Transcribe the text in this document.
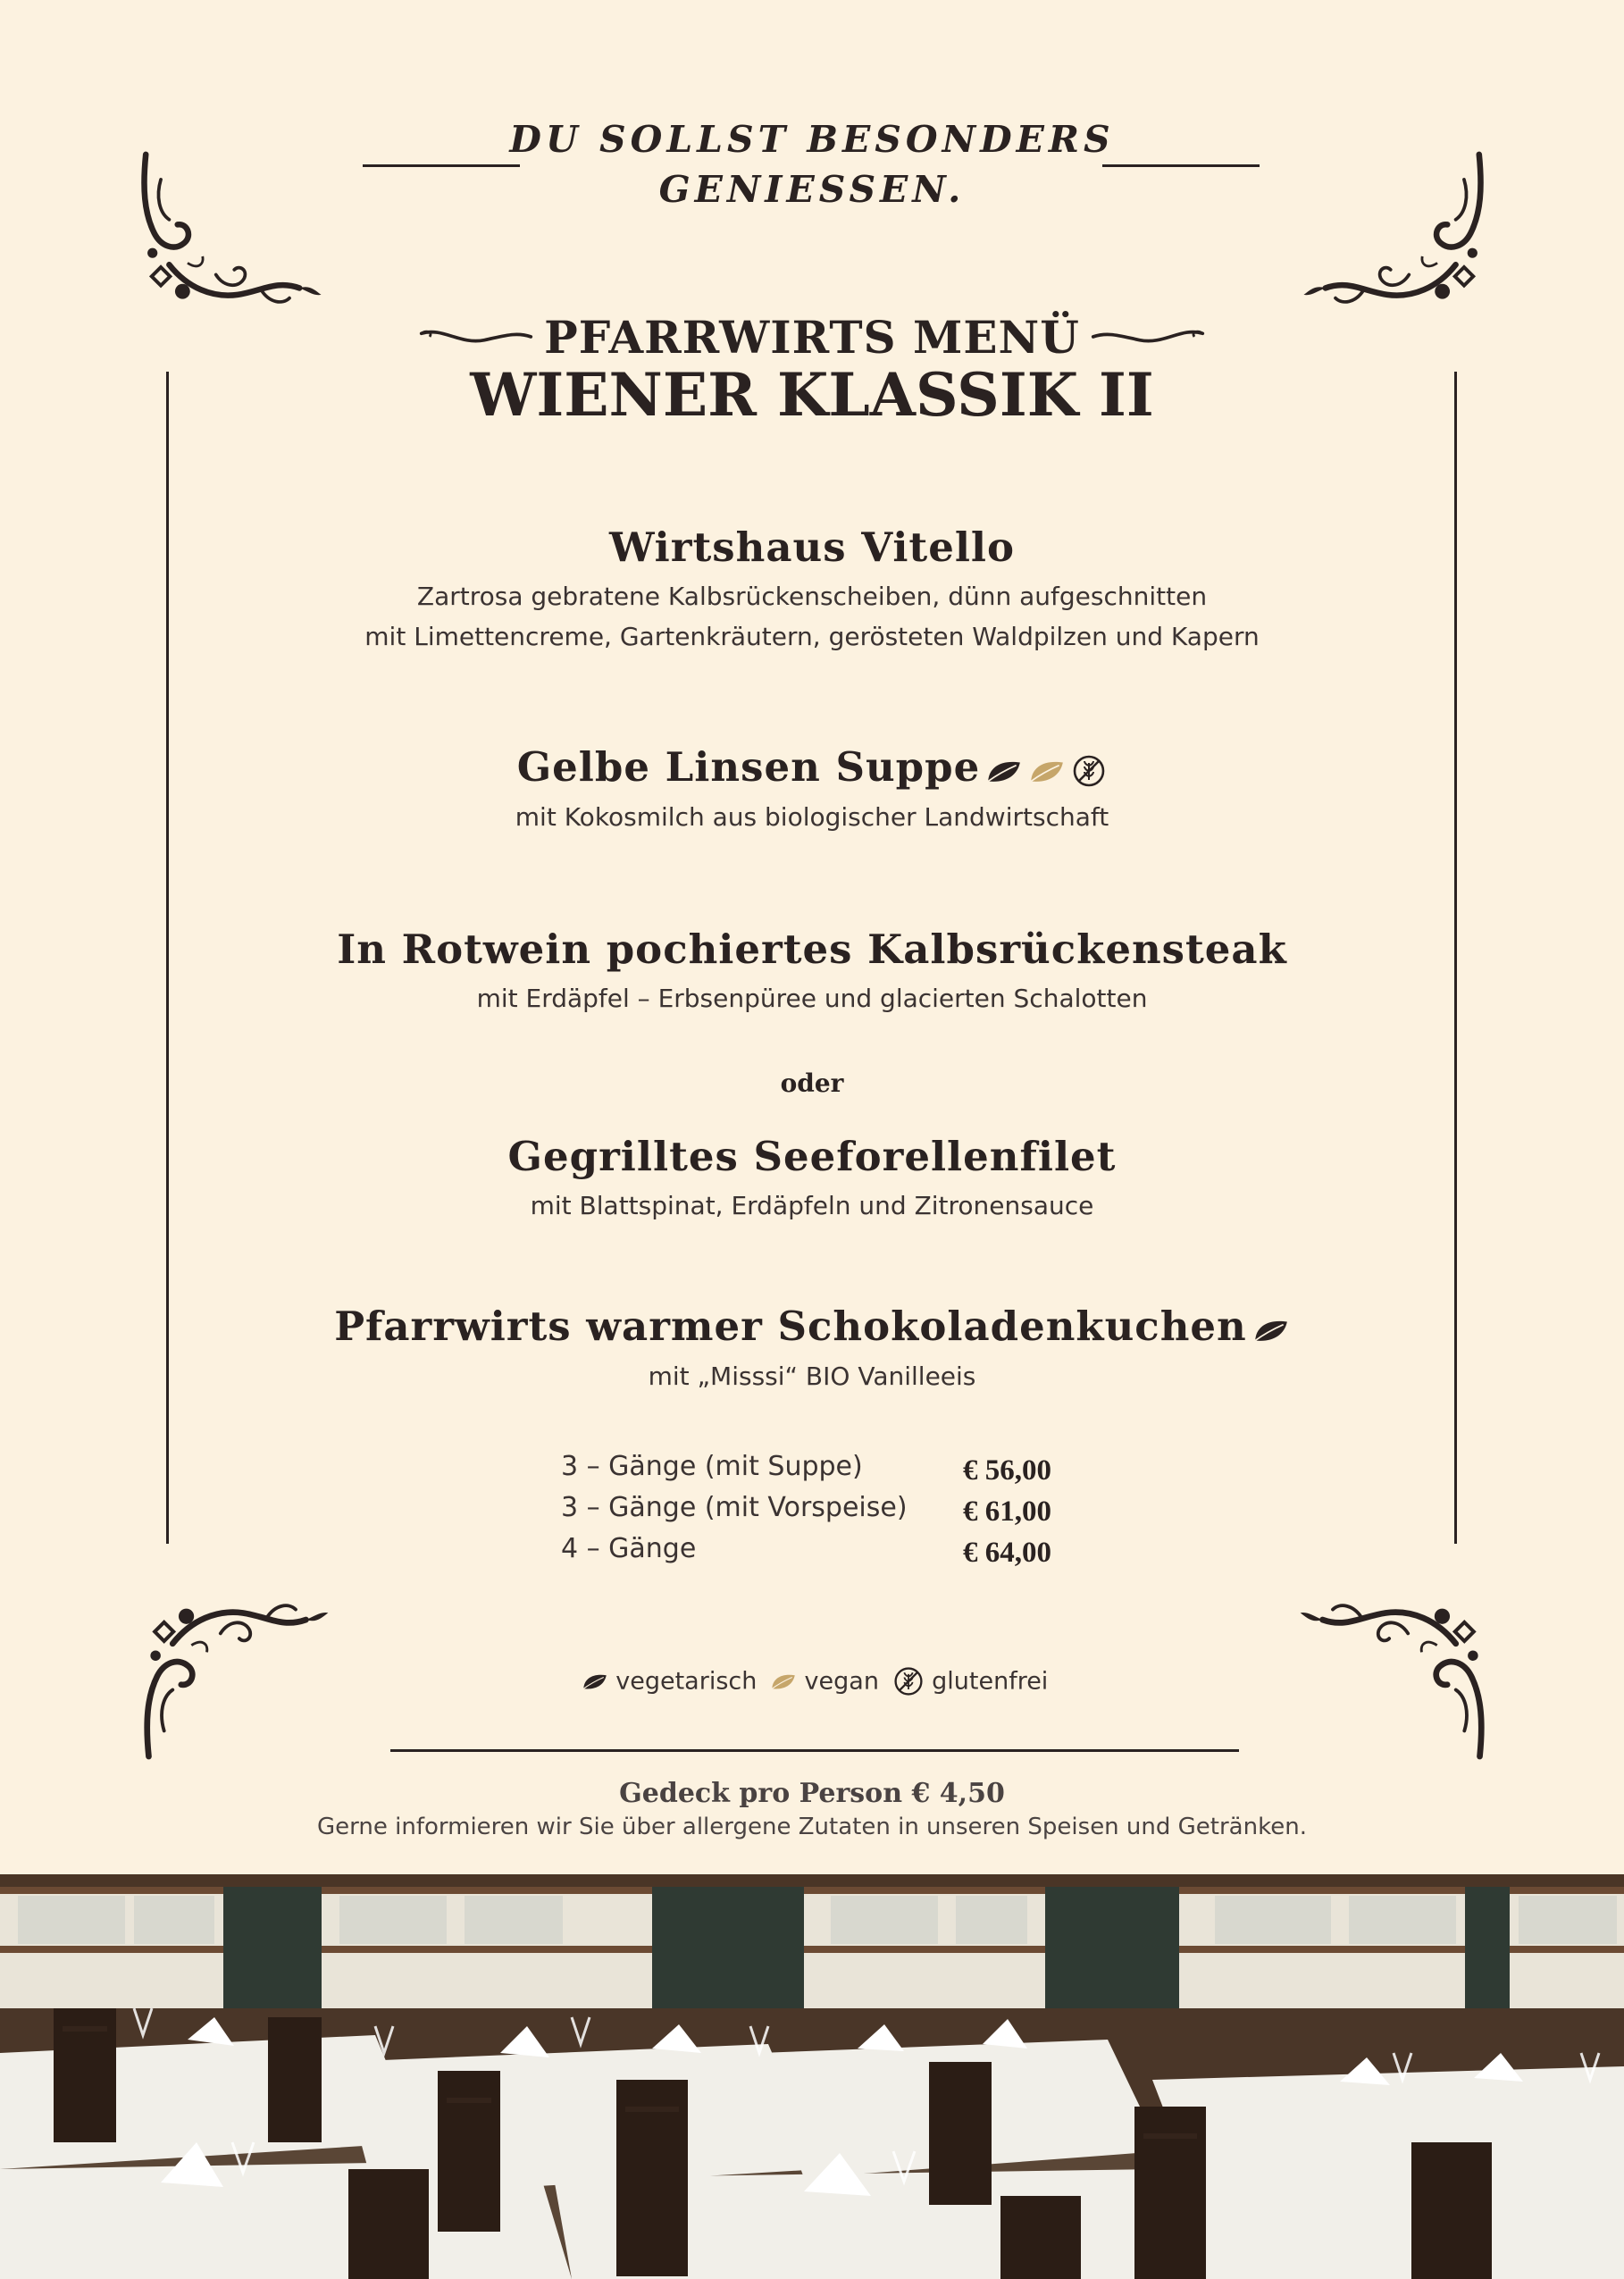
DU SOLLST BESONDERS
GENIESSEN.
PFARRWIRTS MENÜ
WIENER KLASSIK II
Wirtshaus Vitello
Zartrosa gebratene Kalbsrückenscheiben, dünn aufgeschnitten
mit Limettencreme, Gartenkräutern, gerösteten Waldpilzen und Kapern
Gelbe Linsen Suppe
mit Kokosmilch aus biologischer Landwirtschaft
In Rotwein pochiertes Kalbsrückensteak
mit Erdäpfel – Erbsenpüree und glacierten Schalotten
oder
Gegrilltes Seeforellenfilet
mit Blattspinat, Erdäpfeln und Zitronensauce
Pfarrwirts warmer Schokoladenkuchen
mit „Misssi“ BIO Vanilleeis
3 – Gänge (mit Suppe)	€ 56,00
3 – Gänge (mit Vorspeise) € 61,00
4 – Gänge	€ 64,00
vegetarisch vegan glutenfrei
Gedeck pro Person € 4,50
Gerne informieren wir Sie über allergene Zutaten in unseren Speisen und Getränken.
